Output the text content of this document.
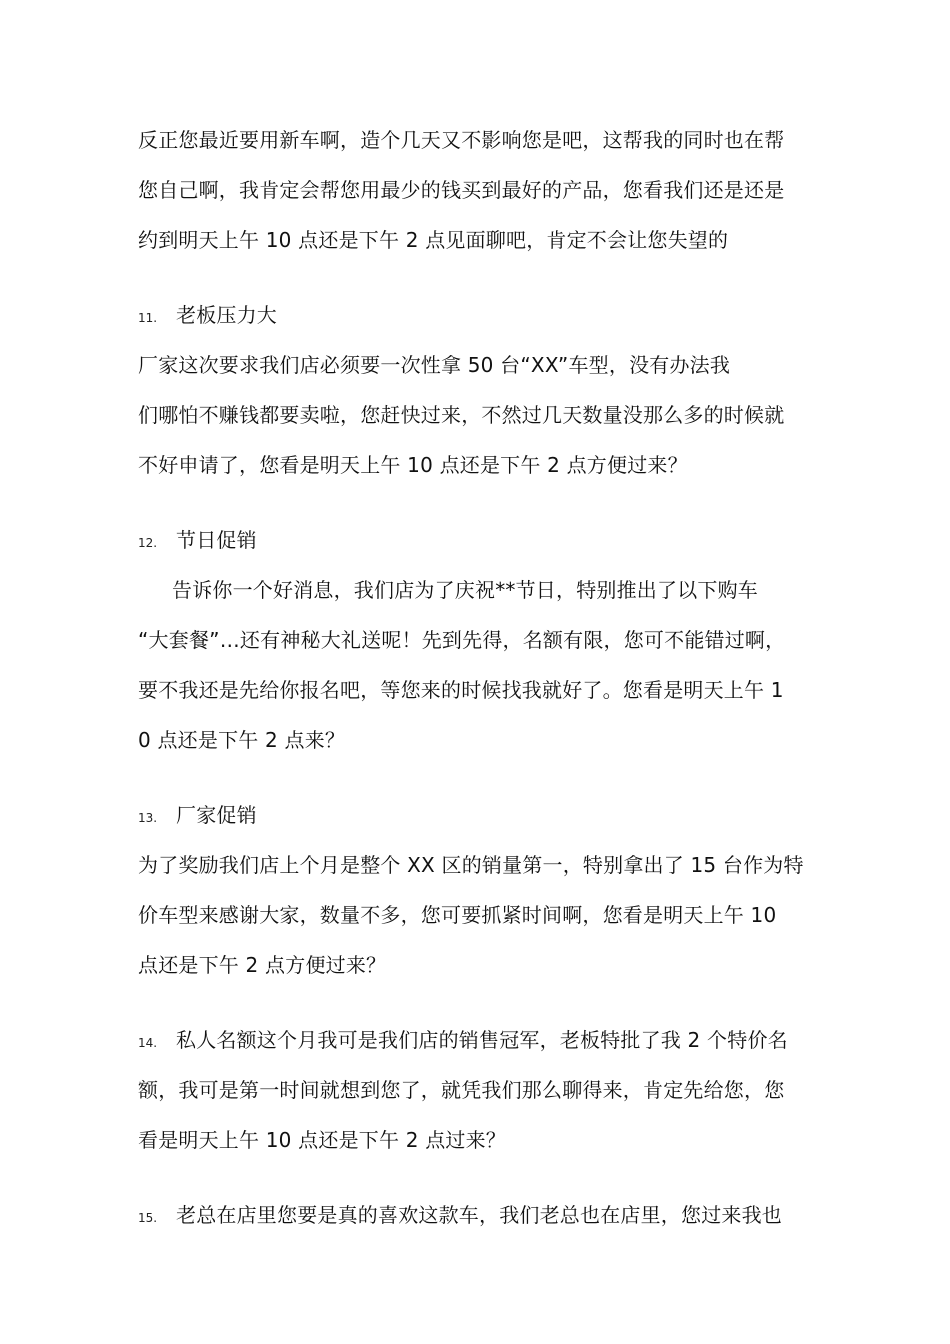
反正您最近要用新车啊，造个几天又不影响您是吧，这帮我的同时也在帮
您自己啊，我肯定会帮您用最少的钱买到最好的产品，您看我们还是还是
约到明天上午 10 点还是下午 2 点见面聊吧，肯定不会让您失望的
11. 老板压力大
厂家这次要求我们店必须要一次性拿 50 台“XX”车型，没有办法我
们哪怕不赚钱都要卖啦，您赶快过来，不然过几天数量没那么多的时候就
不好申请了，您看是明天上午 10 点还是下午 2 点方便过来？
12. 节日促销
告诉你一个好消息，我们店为了庆祝**节日，特别推出了以下购车
“大套餐”…还有神秘大礼送呢！先到先得，名额有限，您可不能错过啊，
要不我还是先给你报名吧，等您来的时候找我就好了。您看是明天上午 1
0 点还是下午 2 点来？
13. 厂家促销
为了奖励我们店上个月是整个 XX 区的销量第一，特别拿出了 15 台作为特
价车型来感谢大家，数量不多，您可要抓紧时间啊，您看是明天上午 10
点还是下午 2 点方便过来？
14. 私人名额这个月我可是我们店的销售冠军，老板特批了我 2 个特价名
额，我可是第一时间就想到您了，就凭我们那么聊得来，肯定先给您，您
看是明天上午 10 点还是下午 2 点过来？
15. 老总在店里您要是真的喜欢这款车，我们老总也在店里，您过来我也
